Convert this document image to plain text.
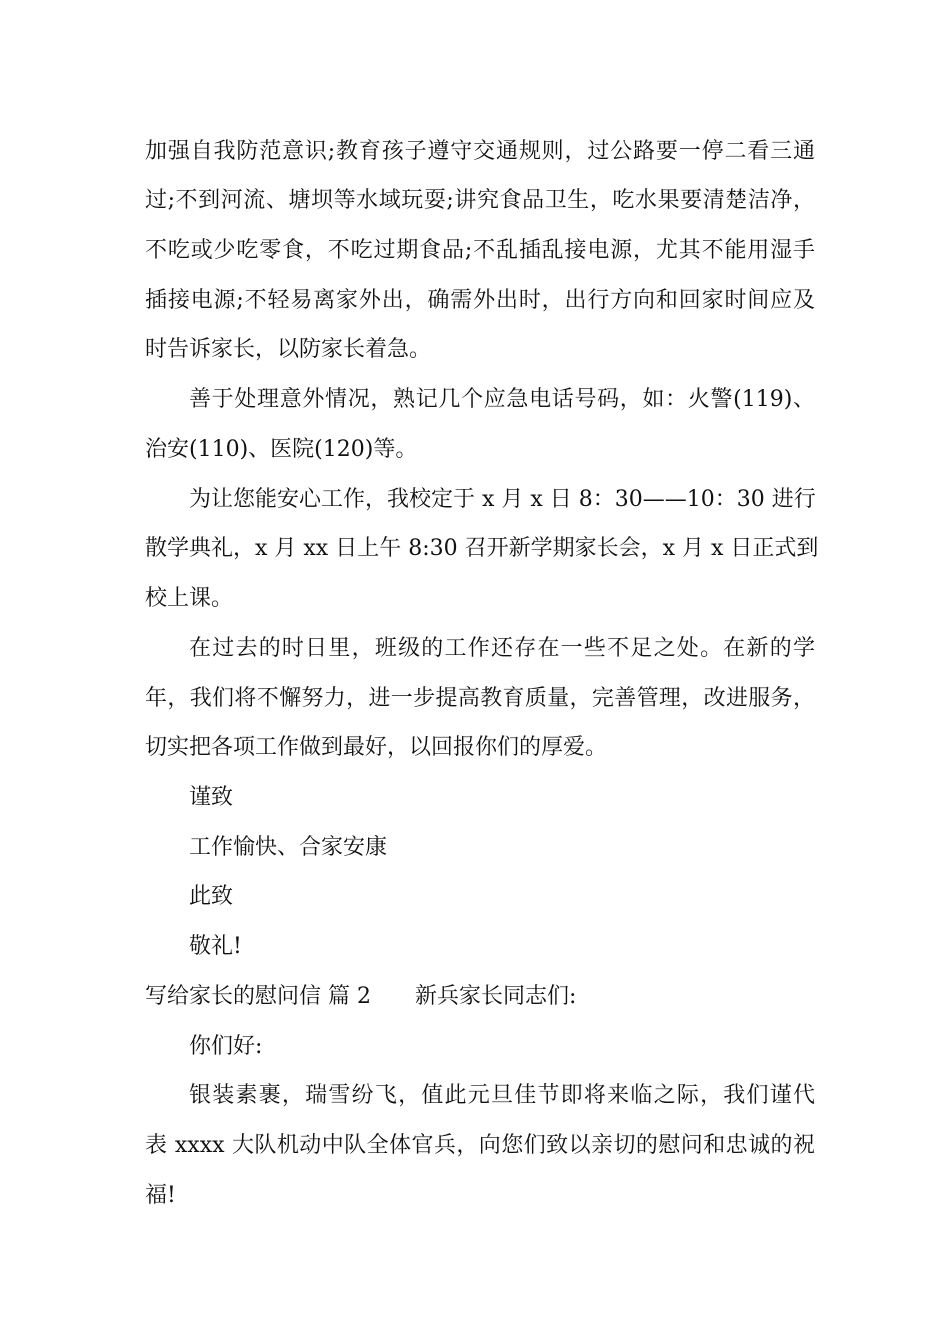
加强自我防范意识;教育孩子遵守交通规则，过公路要一停二看三通
过;不到河流、塘坝等水域玩耍;讲究食品卫生，吃水果要清楚洁净，
不吃或少吃零食，不吃过期食品;不乱插乱接电源，尤其不能用湿手
插接电源;不轻易离家外出，确需外出时，出行方向和回家时间应及
时告诉家长，以防家长着急。
善于处理意外情况，熟记几个应急电话号码，如：火警(119)、
治安(110)、医院(120)等。
为让您能安心工作，我校定于 x 月 x 日 8：30——10：30 进行
散学典礼，x 月 xx 日上午 8:30 召开新学期家长会，x 月 x 日正式到
校上课。
在过去的时日里，班级的工作还存在一些不足之处。在新的学
年，我们将不懈努力，进一步提高教育质量，完善管理，改进服务，
切实把各项工作做到最好，以回报你们的厚爱。
谨致
工作愉快、合家安康
此致
敬礼!
写给家长的慰问信 篇 2 新兵家长同志们:
你们好:
银装素裹，瑞雪纷飞，值此元旦佳节即将来临之际，我们谨代
表 xxxx 大队机动中队全体官兵，向您们致以亲切的慰问和忠诚的祝
福!
